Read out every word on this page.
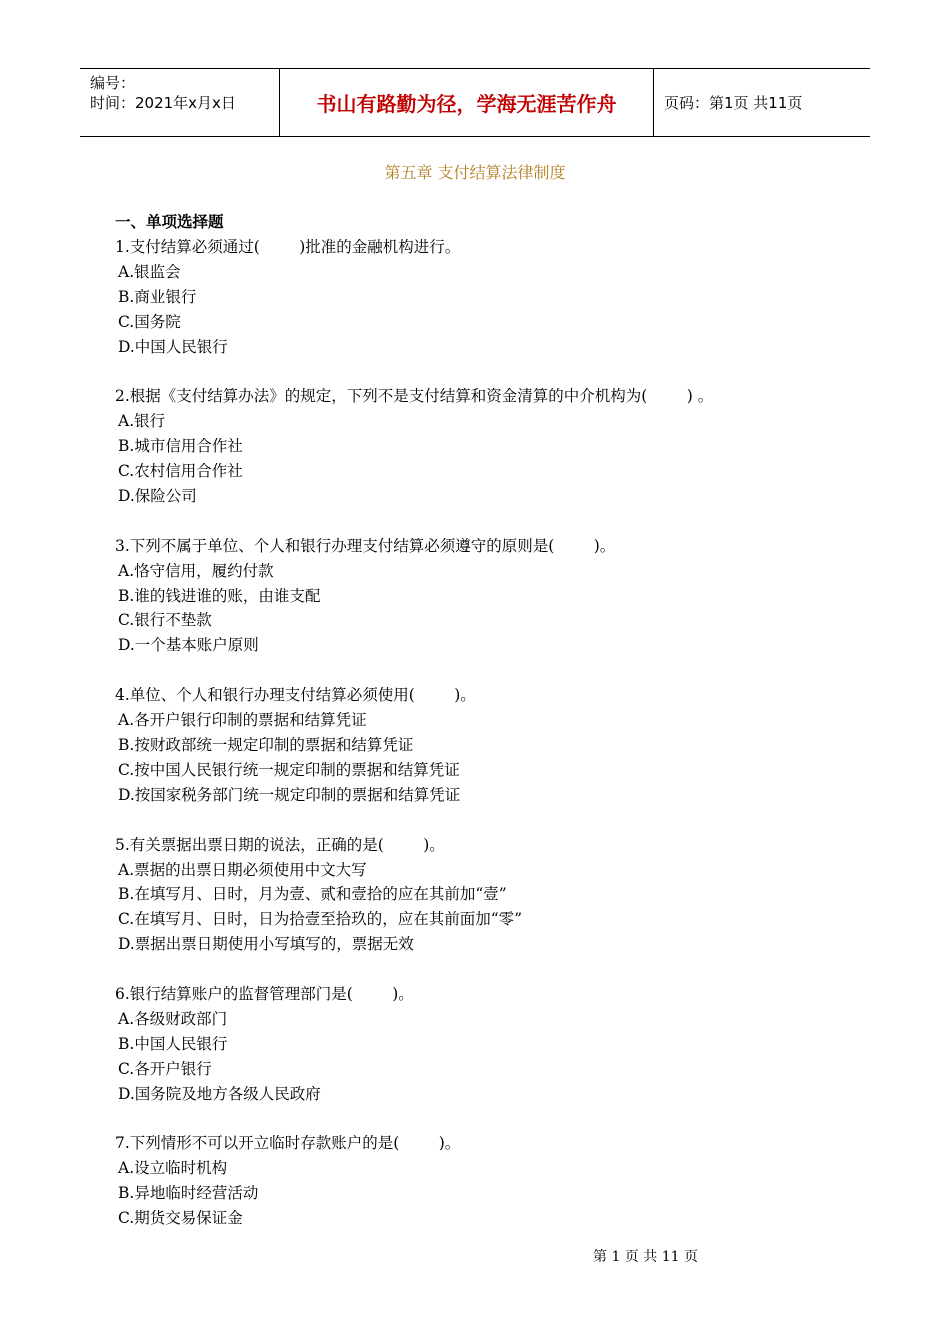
编号：
时间：2021年x月x日	书山有路勤为径，学海无涯苦作舟	页码：第1页 共11页
第五章 支付结算法律制度
一、单项选择题

1.支付结算必须通过(        )批准的金融机构进行。

A.银监会

B.商业银行

C.国务院

D.中国人民银行

2.根据《支付结算办法》的规定，下列不是支付结算和资金清算的中介机构为(        ) 。

A.银行

B.城市信用合作社

C.农村信用合作社

D.保险公司

3.下列不属于单位、个人和银行办理支付结算必须遵守的原则是(        )。

A.恪守信用，履约付款

B.谁的钱进谁的账，由谁支配

C.银行不垫款

D.一个基本账户原则

4.单位、个人和银行办理支付结算必须使用(        )。

A.各开户银行印制的票据和结算凭证

B.按财政部统一规定印制的票据和结算凭证

C.按中国人民银行统一规定印制的票据和结算凭证

D.按国家税务部门统一规定印制的票据和结算凭证

5.有关票据出票日期的说法，正确的是(        )。

A.票据的出票日期必须使用中文大写

B.在填写月、日时，月为壹、贰和壹拾的应在其前加“壹”

C.在填写月、日时，日为拾壹至拾玖的，应在其前面加“零”

D.票据出票日期使用小写填写的，票据无效

6.银行结算账户的监督管理部门是(        )。

A.各级财政部门

B.中国人民银行

C.各开户银行

D.国务院及地方各级人民政府

7.下列情形不可以开立临时存款账户的是(        )。

A.设立临时机构

B.异地临时经营活动

C.期货交易保证金

第 1 页 共 11 页
